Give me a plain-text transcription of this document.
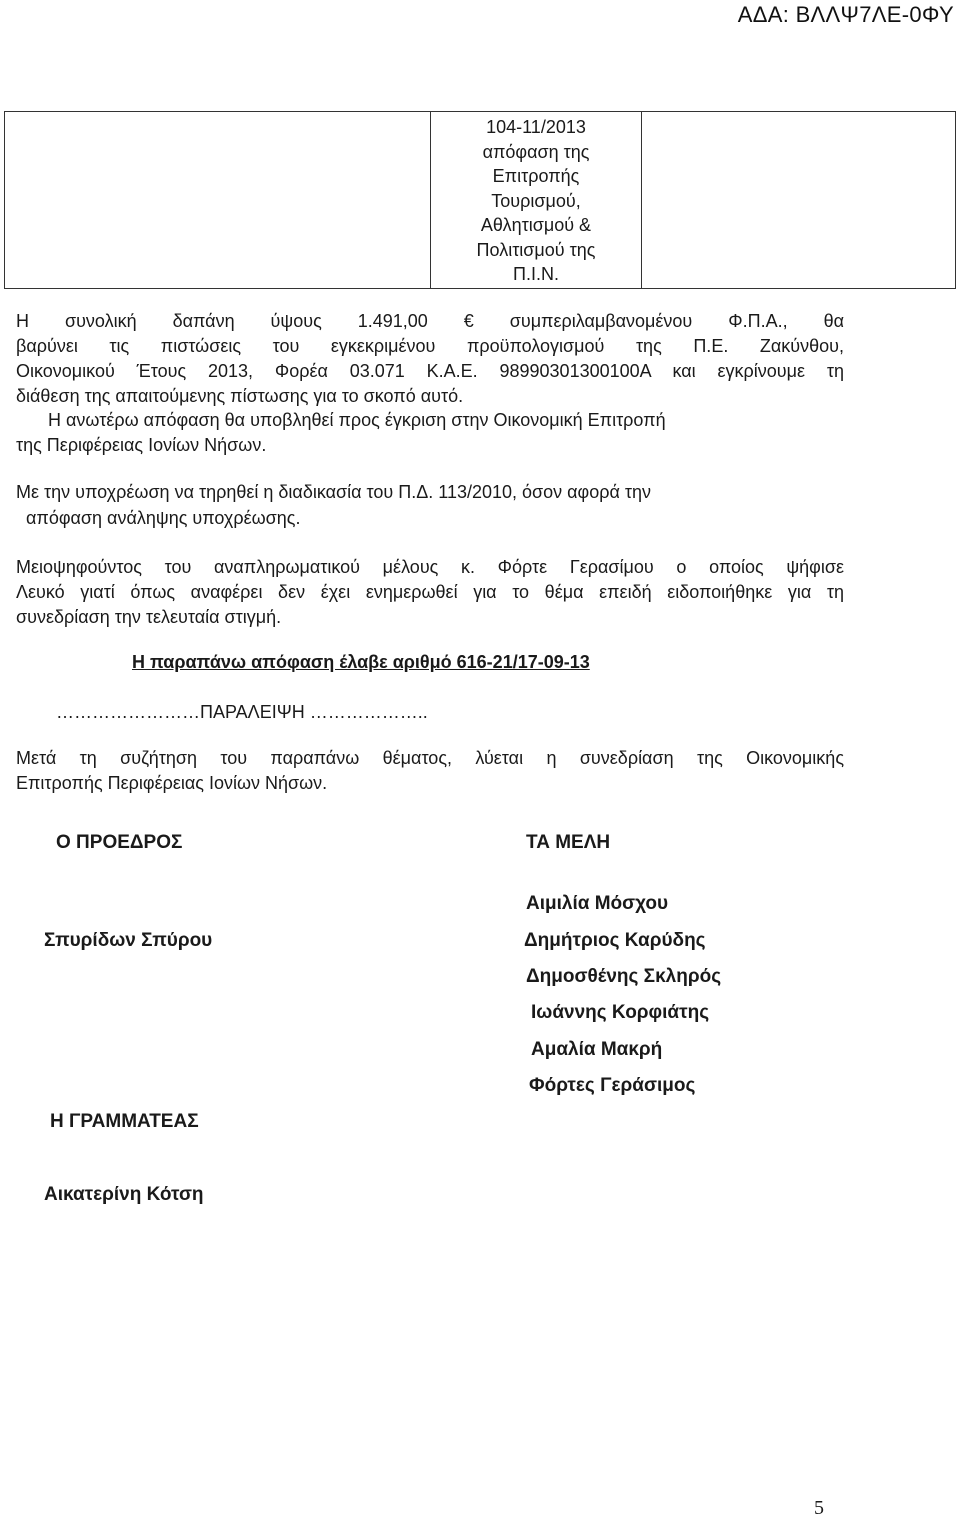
ΑΔΑ: ΒΛΛΨ7ΛΕ-0ΦΥ

104-11/2013
απόφαση της
Επιτροπής
Τουρισμού,
Αθλητισμού &
Πολιτισμού της
Π.Ι.Ν.

Η συνολική δαπάνη ύψους 1.491,00 € συμπεριλαμβανομένου Φ.Π.Α., θα
βαρύνει τις πιστώσεις του εγκεκριμένου προϋπολογισμού της Π.Ε. Ζακύνθου,
Οικονομικού Έτους 2013, Φορέα 03.071 Κ.Α.Ε. 98990301300100Α και εγκρίνουμε τη
διάθεση της απαιτούμενης πίστωσης για το σκοπό αυτό.
Η ανωτέρω απόφαση θα υποβληθεί προς έγκριση στην Οικονομική Επιτροπή
της Περιφέρειας Ιονίων Νήσων.
Με την υποχρέωση να τηρηθεί η διαδικασία του Π.Δ. 113/2010, όσον αφορά την
απόφαση ανάληψης υποχρέωσης.
Μειοψηφούντος του αναπληρωματικού μέλους κ. Φόρτε Γερασίμου ο οποίος ψήφισε
Λευκό γιατί όπως αναφέρει δεν έχει ενημερωθεί για το θέμα επειδή ειδοποιήθηκε για τη
συνεδρίαση την τελευταία στιγμή.
Η παραπάνω απόφαση έλαβε αριθμό 616-21/17-09-13
……………………ΠΑΡΑΛΕΙΨΗ ………………..
Μετά τη συζήτηση του παραπάνω θέματος, λύεται η συνεδρίαση της Οικονομικής
Επιτροπής Περιφέρειας Ιονίων Νήσων.
Ο ΠΡΟΕΔΡΟΣ
Σπυρίδων Σπύρου
Η ΓΡΑΜΜΑΤΕΑΣ
Αικατερίνη Κότση
ΤΑ ΜΕΛΗ
Αιμιλία Μόσχου
Δημήτριος Καρύδης
Δημοσθένης Σκληρός
Ιωάννης Κορφιάτης
Αμαλία Μακρή
Φόρτες Γεράσιμος
5
